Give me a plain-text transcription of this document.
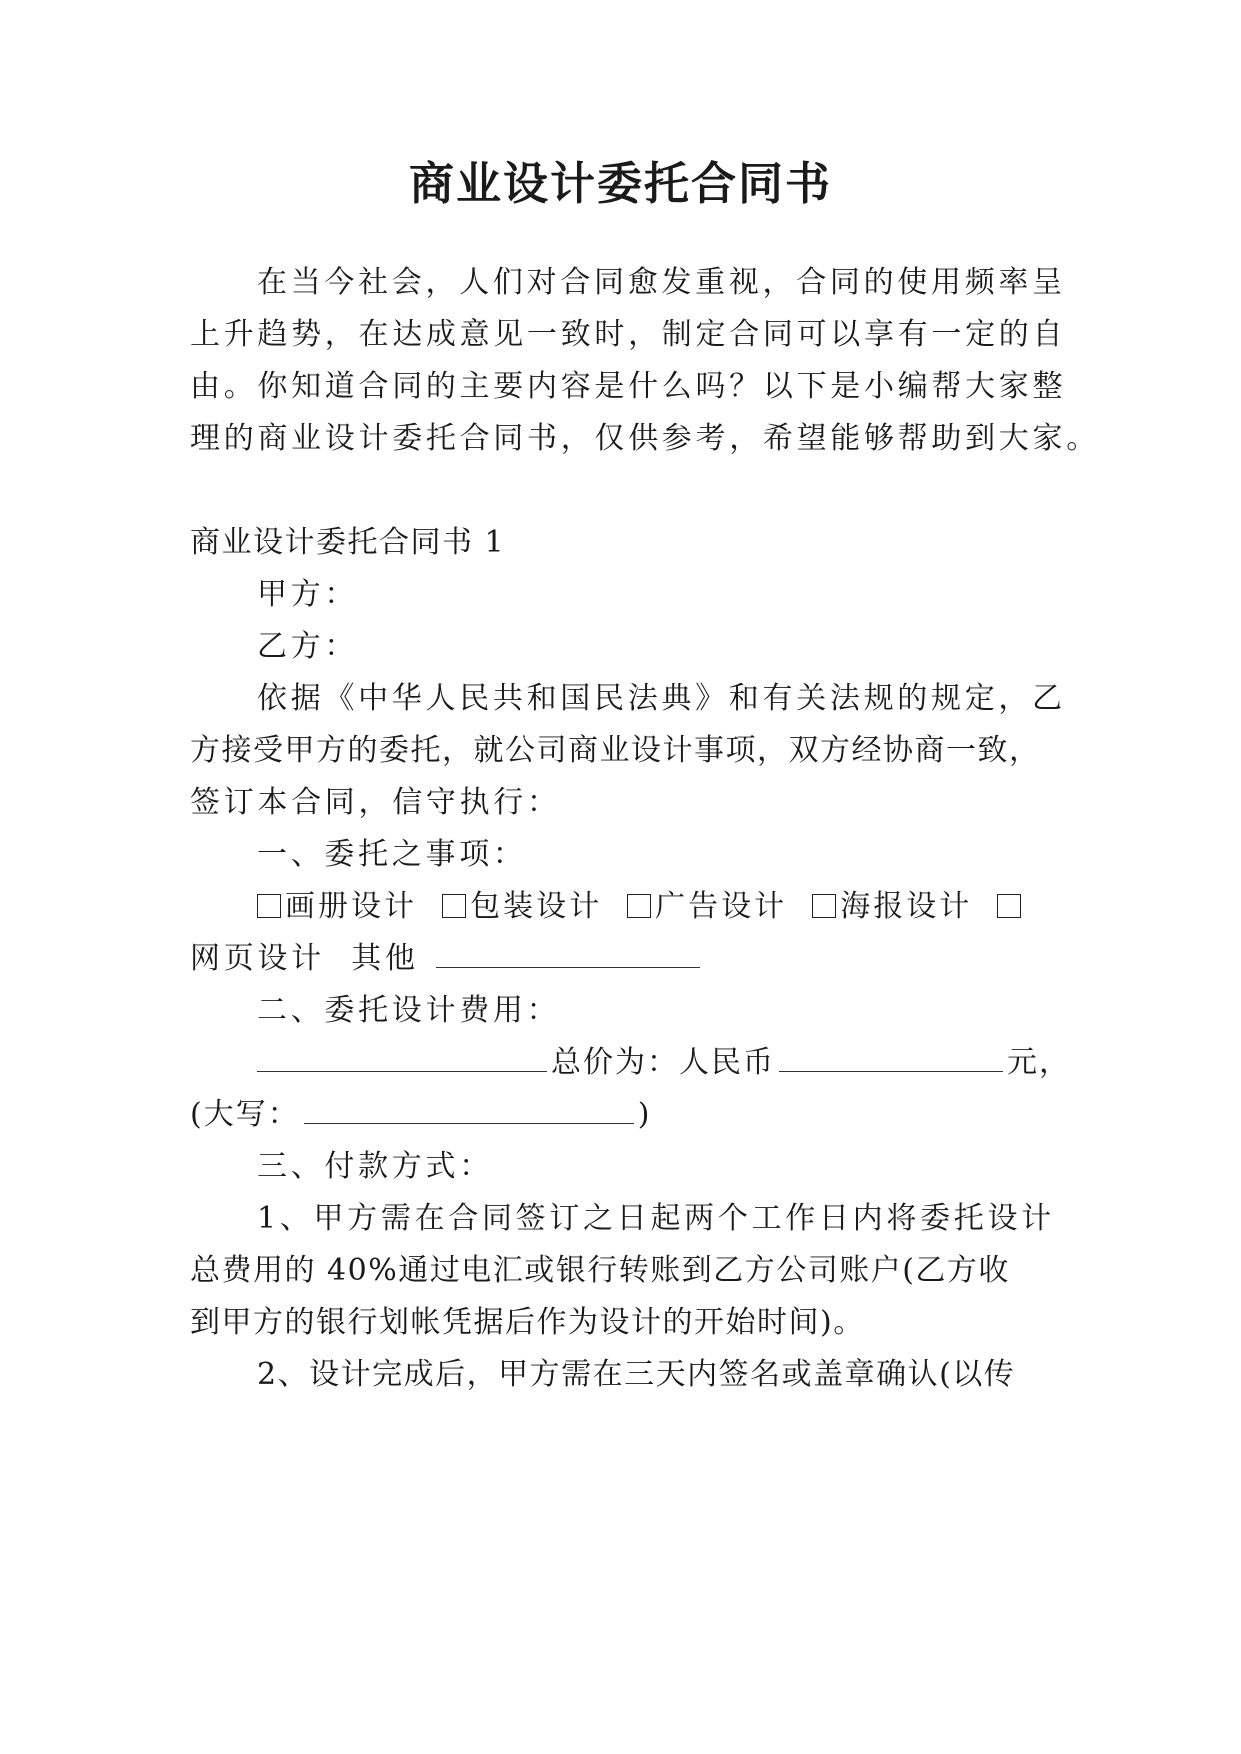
商业设计委托合同书
在当今社会，人们对合同愈发重视，合同的使用频率呈
上升趋势，在达成意见一致时，制定合同可以享有一定的自
由。你知道合同的主要内容是什么吗？以下是小编帮大家整
理的商业设计委托合同书，仅供参考，希望能够帮助到大家。
商业设计委托合同书 1
甲方：
乙方：
依据《中华人民共和国民法典》和有关法规的规定，乙
方接受甲方的委托，就公司商业设计事项，双方经协商一致，
签订本合同，信守执行：
一、委托之事项：
画册设计 包装设计 广告设计 海报设计
网页设计 其他
二、委托设计费用：
总价为：人民币	元，
(大写：	)
三、付款方式：
1、甲方需在合同签订之日起两个工作日内将委托设计
总费用的 40%通过电汇或银行转账到乙方公司账户(乙方收
到甲方的银行划帐凭据后作为设计的开始时间)。
2、设计完成后，甲方需在三天内签名或盖章确认(以传
